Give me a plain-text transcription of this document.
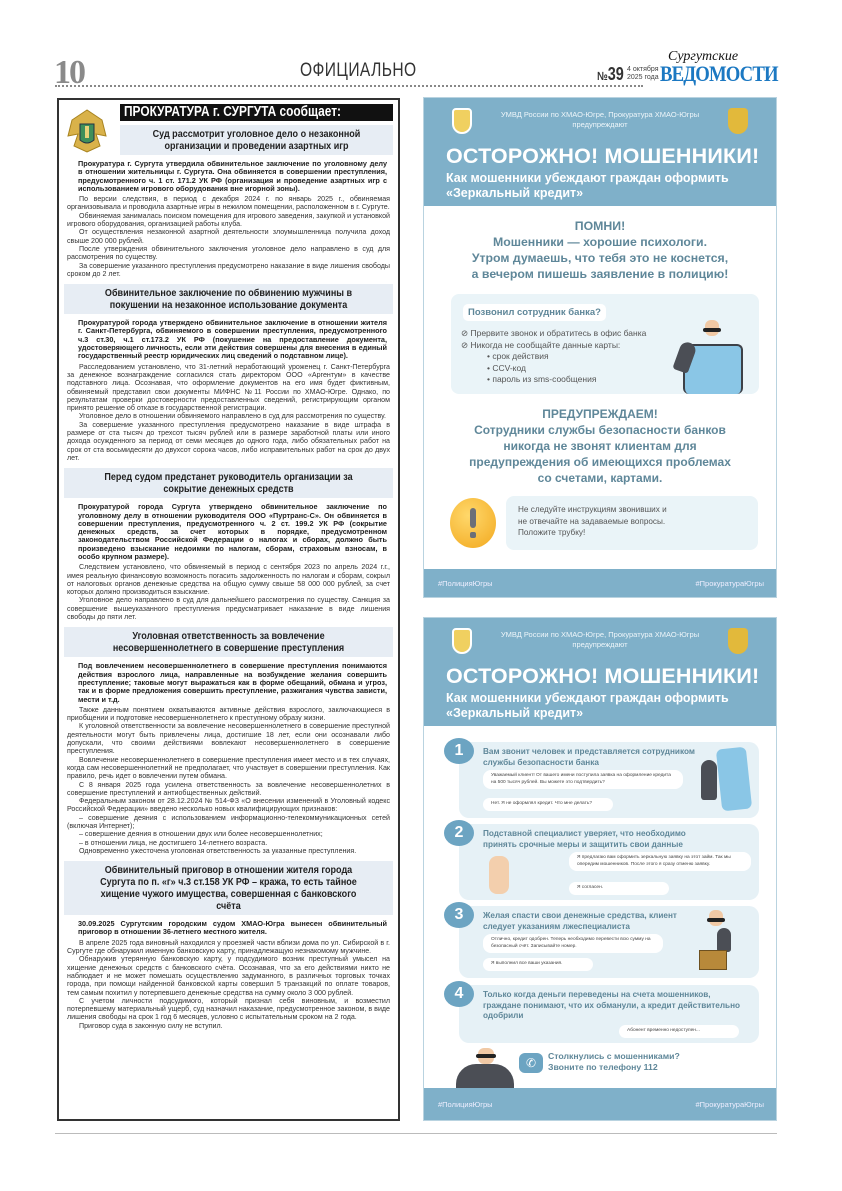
10	ОФИЦИАЛЬНО	№39 4 октября
2025 года
Сургутские
ВЕДОМОСТИ
ПРОКУРАТУРА г. СУРГУТА сообщает:
Суд рассмотрит уголовное дело о незаконной организации и проведении азартных игр
Прокуратура г. Сургута утвердила обвинительное заключение по уголовному делу в отношении жительницы г. Сургута. Она обвиняется в совершении преступления, предусмотренного ч. 1 ст. 171.2 УК РФ (организация и проведение азартных игр с использованием игрового оборудования вне игорной зоны).
По версии следствия, в период с декабря 2024 г. по январь 2025 г., обвиняемая организовывала и проводила азартные игры в нежилом помещении, расположенном в г. Сургуте.
Обвиняемая занималась поиском помещения для игрового заведения, закупкой и установкой игрового оборудования, организацией работы клуба.
От осуществления незаконной азартной деятельности злоумышленница получила доход свыше 200 000 рублей.
После утверждения обвинительного заключения уголовное дело направлено в суд для рассмотрения по существу.
За совершение указанного преступления предусмотрено наказание в виде лишения свободы сроком до 2 лет.
Обвинительное заключение по обвинению мужчины в покушении на незаконное использование документа
Прокуратурой города утверждено обвинительное заключение в отношении жителя г. Санкт-Петербурга, обвиняемого в совершении преступления, предусмотренного ч.3 ст.30, ч.1 ст.173.2 УК РФ (покушение на предоставление документа, удостоверяющего личность, если эти действия совершены для внесения в единый государственный реестр юридических лиц сведений о подставном лице).
Расследованием установлено, что 31-летний неработающий уроженец г. Санкт-Петербурга за денежное вознаграждение согласился стать директором ООО «Аргентум» в качестве подставного лица. Осознавая, что оформление документов на его имя будет фиктивным, обвиняемый представил свои документы МИФНС №11 России по ХМАО-Югре. Однако, по результатам проверки достоверности предоставленных сведений, регистрирующим органом принято решение об отказе в государственной регистрации.
Уголовное дело в отношении обвиняемого направлено в суд для рассмотрения по существу.
За совершение указанного преступления предусмотрено наказание в виде штрафа в размере от ста тысяч до трехсот тысяч рублей или в размере заработной платы или иного дохода осужденного за период от семи месяцев до одного года, либо обязательных работ на срок от ста восьмидесяти до двухсот сорока часов, либо исправительных работ на срок до двух лет.
Перед судом предстанет руководитель организации за сокрытие денежных средств
Прокуратурой города Сургута утверждено обвинительное заключение по уголовному делу в отношении руководителя ООО «Пуртранс-С». Он обвиняется в совершении преступления, предусмотренного ч. 2 ст. 199.2 УК РФ (сокрытие денежных средств, за счет которых в порядке, предусмотренном законодательством Российской Федерации о налогах и сборах, должно быть произведено взыскание недоимки по налогам, сборам, страховым взносам, в особо крупном размере).
Следствием установлено, что обвиняемый в период с сентября 2023 по апрель 2024 г.г., имея реальную финансовую возможность погасить задолженность по налогам и сборам, сокрыл от налоговых органов денежные средства на общую сумму свыше 58 000 000 рублей, за счет которых должно производиться взыскание.
Уголовное дело направлено в суд для дальнейшего рассмотрения по существу. Санкция за совершение вышеуказанного преступления предусматривает наказание в виде лишения свободы до пяти лет.
Уголовная ответственность за вовлечение несовершеннолетнего в совершение преступления
Под вовлечением несовершеннолетнего в совершение преступления понимаются действия взрослого лица, направленные на возбуждение желания совершить преступление; таковые могут выражаться как в форме обещаний, обмана и угроз, так и в форме предложения совершить преступление, разжигания чувства зависти, мести и т.д.
Также данным понятием охватываются активные действия взрослого, заключающиеся в приобщении и подготовке несовершеннолетнего к преступному образу жизни.
К уголовной ответственности за вовлечение несовершеннолетнего в совершение преступной деятельности могут быть привлечены лица, достигшие 18 лет, если они осознавали либо допускали, что своими действиями вовлекают несовершеннолетнего в совершение преступления.
Вовлечение несовершеннолетнего в совершение преступления имеет место и в тех случаях, когда сам несовершеннолетний не предполагает, что участвует в совершении преступления. Как правило, речь идет о вовлечении путем обмана.
С 8 января 2025 года усилена ответственность за вовлечение несовершеннолетних в совершение преступлений и антиобщественных действий.
Федеральным законом от 28.12.2024 № 514-ФЗ «О внесении изменений в Уголовный кодекс Российской Федерации» введено несколько новых квалифицирующих признаков:
– совершение деяния с использованием информационно-телекоммуникационных сетей (включая Интернет);
– совершение деяния в отношении двух или более несовершеннолетних;
– в отношении лица, не достигшего 14-летнего возраста.
Одновременно ужесточена уголовная ответственность за указанные преступления.
Обвинительный приговор в отношении жителя города Сургута по п. «г» ч.3 ст.158 УК РФ – кража, то есть тайное хищение чужого имущества, совершенная с банковского счёта
30.09.2025 Сургутским городским судом ХМАО-Югра вынесен обвинительный приговор в отношении 36-летнего местного жителя.
В апреле 2025 года виновный находился у проезжей части вблизи дома по ул. Сибирской в г. Сургуте где обнаружил именную банковскую карту, принадлежащую незнакомому мужчине.
Обнаружив утерянную банковскую карту, у подсудимого возник преступный умысел на хищение денежных средств с банковского счёта. Осознавая, что за его действиями никто не наблюдает и не может помешать осуществлению задуманного, в различных торговых точках города, при помощи найденной банковской карты совершил 5 транзакций по оплате товаров, тем самым похитил у потерпевшего денежные средства на сумму около 3 000 рублей.
С учетом личности подсудимого, который признал себя виновным, и возместил потерпевшему материальный ущерб, суд назначил наказание, предусмотренное законом, в виде лишения свободы на срок 1 год 6 месяцев, условно с испытательным сроком на 2 года.
Приговор суда в законную силу не вступил.
УМВД России по ХМАО-Югре, Прокуратура ХМАО-Югры предупреждают
ОСТОРОЖНО! МОШЕННИКИ!
Как мошенники убеждают граждан оформить «Зеркальный кредит»
ПОМНИ!
Мошенники — хорошие психологи.
Утром думаешь, что тебя это не коснется,
а вечером пишешь заявление в полицию!
Позвонил сотрудник банка?
⊘ Прервите звонок и обратитесь в офис банка
⊘ Никогда не сообщайте данные карты:
• срок действия
• CCV-код
• пароль из sms-сообщения
ПРЕДУПРЕЖДАЕМ!
Сотрудники службы безопасности банков
никогда не звонят клиентам для
предупреждения об имеющихся проблемах
со счетами, картами.
Не следуйте инструкциям звонивших и
не отвечайте на задаваемые вопросы.
Положите трубку!
#ПолицияЮгры	#ПрокуратураЮгры
УМВД России по ХМАО-Югре, Прокуратура ХМАО-Югры предупреждают
ОСТОРОЖНО! МОШЕННИКИ!
Как мошенники убеждают граждан оформить «Зеркальный кредит»
1	Вам звонит человек и представляется сотрудником службы безопасности банка
Уважаемый клиент! От вашего имени поступила заявка на оформление кредита на 500 тысяч рублей. Вы можете это подтвердить?
Нет. Я не оформлял кредит. Что мне делать?
2	Подставной специалист уверяет, что необходимо принять срочные меры и защитить свои данные
Я предлагаю вам оформить зеркальную заявку на этот займ. Так мы опередим мошенников. После этого я сразу отменю заявку.
Я согласен.
3	Желая спасти свои денежные средства, клиент следует указаниям лжеспециалиста
Отлично, кредит одобрен. Теперь необходимо перевести всю сумму на безопасный счёт. Записывайте номер.
Я выполнил все ваши указания.
4	Только когда деньги переведены на счета мошенников, граждане понимают, что их обманули, а кредит действительно одобрили
Абонент временно недоступен...
✆	Столкнулись с мошенниками?
Звоните по телефону 112
#ПолицияЮгры	#ПрокуратураЮгры
